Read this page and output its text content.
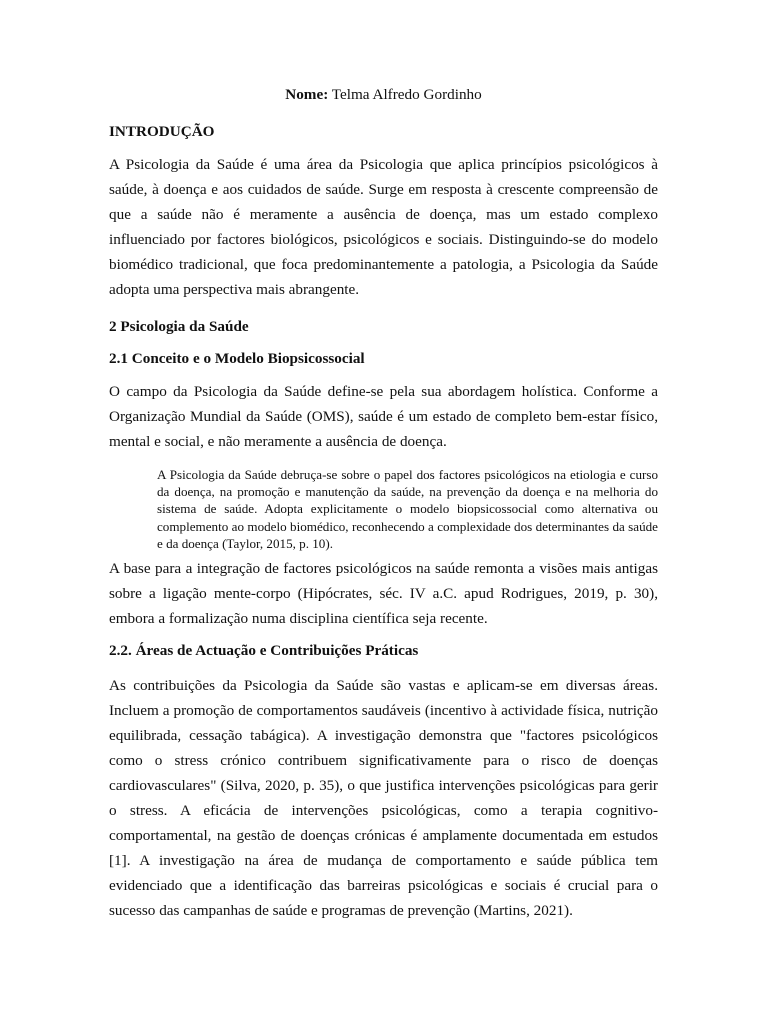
Nome: Telma Alfredo Gordinho

INTRODUÇÃO

A Psicologia da Saúde é uma área da Psicologia que aplica princípios psicológicos à saúde, à doença e aos cuidados de saúde. Surge em resposta à crescente compreensão de que a saúde não é meramente a ausência de doença, mas um estado complexo influenciado por factores biológicos, psicológicos e sociais. Distinguindo-se do modelo biomédico tradicional, que foca predominantemente a patologia, a Psicologia da Saúde adopta uma perspectiva mais abrangente.

2 Psicologia da Saúde
2.1 Conceito e o Modelo Biopsicossocial

O campo da Psicologia da Saúde define-se pela sua abordagem holística. Conforme a Organização Mundial da Saúde (OMS), saúde é um estado de completo bem-estar físico, mental e social, e não meramente a ausência de doença.

A Psicologia da Saúde debruça-se sobre o papel dos factores psicológicos na etiologia e curso da doença, na promoção e manutenção da saúde, na prevenção da doença e na melhoria do sistema de saúde. Adopta explicitamente o modelo biopsicossocial como alternativa ou complemento ao modelo biomédico, reconhecendo a complexidade dos determinantes da saúde e da doença (Taylor, 2015, p. 10).

A base para a integração de factores psicológicos na saúde remonta a visões mais antigas sobre a ligação mente-corpo (Hipócrates, séc. IV a.C. apud Rodrigues, 2019, p. 30), embora a formalização numa disciplina científica seja recente.

2.2. Áreas de Actuação e Contribuições Práticas

As contribuições da Psicologia da Saúde são vastas e aplicam-se em diversas áreas. Incluem a promoção de comportamentos saudáveis (incentivo à actividade física, nutrição equilibrada, cessação tabágica). A investigação demonstra que "factores psicológicos como o stress crónico contribuem significativamente para o risco de doenças cardiovasculares" (Silva, 2020, p. 35), o que justifica intervenções psicológicas para gerir o stress. A eficácia de intervenções psicológicas, como a terapia cognitivo-comportamental, na gestão de doenças crónicas é amplamente documentada em estudos [1]. A investigação na área de mudança de comportamento e saúde pública tem evidenciado que a identificação das barreiras psicológicas e sociais é crucial para o sucesso das campanhas de saúde e programas de prevenção (Martins, 2021).
